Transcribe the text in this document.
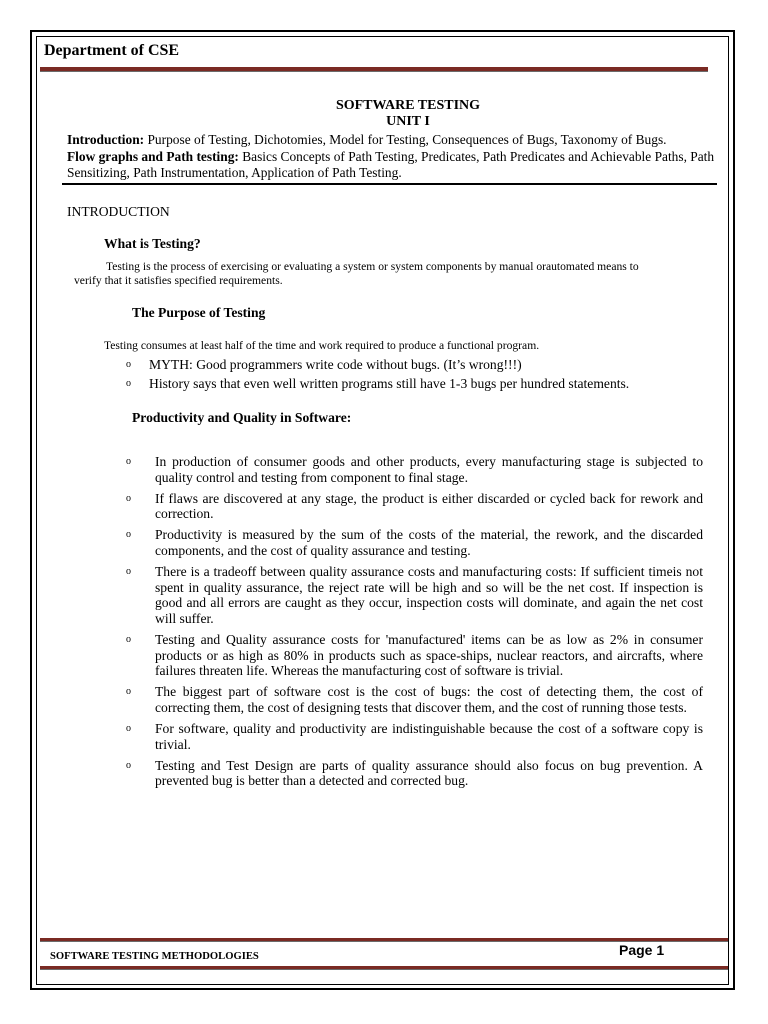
Department of CSE
SOFTWARE TESTING
UNIT I
Introduction: Purpose of Testing, Dichotomies, Model for Testing, Consequences of Bugs, Taxonomy of Bugs.
Flow graphs and Path testing: Basics Concepts of Path Testing, Predicates, Path Predicates and Achievable Paths, Path
Sensitizing, Path Instrumentation, Application of Path Testing.
INTRODUCTION
What is Testing?
Testing is the process of exercising or evaluating a system or system components by manual orautomated means to
verify that it satisfies specified requirements.
The Purpose of Testing
Testing consumes at least half of the time and work required to produce a functional program.
o MYTH: Good programmers write code without bugs. (It’s wrong!!!)
o History says that even well written programs still have 1-3 bugs per hundred statements.
Productivity and Quality in Software:
o In production of consumer goods and other products, every manufacturing stage is subjected to quality control and testing from component to final stage.
o If flaws are discovered at any stage, the product is either discarded or cycled back for rework and correction.
o Productivity is measured by the sum of the costs of the material, the rework, and the discarded components, and the cost of quality assurance and testing.
o There is a tradeoff between quality assurance costs and manufacturing costs: If sufficient timeis not spent in quality assurance, the reject rate will be high and so will be the net cost. If inspection is good and all errors are caught as they occur, inspection costs will dominate, and again the net cost will suffer.
o Testing and Quality assurance costs for 'manufactured' items can be as low as 2% in consumer products or as high as 80% in products such as space-ships, nuclear reactors, and aircrafts, where failures threaten life. Whereas the manufacturing cost of software is trivial.
o The biggest part of software cost is the cost of bugs: the cost of detecting them, the cost of correcting them, the cost of designing tests that discover them, and the cost of running those tests.
o For software, quality and productivity are indistinguishable because the cost of a software copy is trivial.
o Testing and Test Design are parts of quality assurance should also focus on bug prevention. A prevented bug is better than a detected and corrected bug.
SOFTWARE TESTING METHODOLOGIES	Page 1
